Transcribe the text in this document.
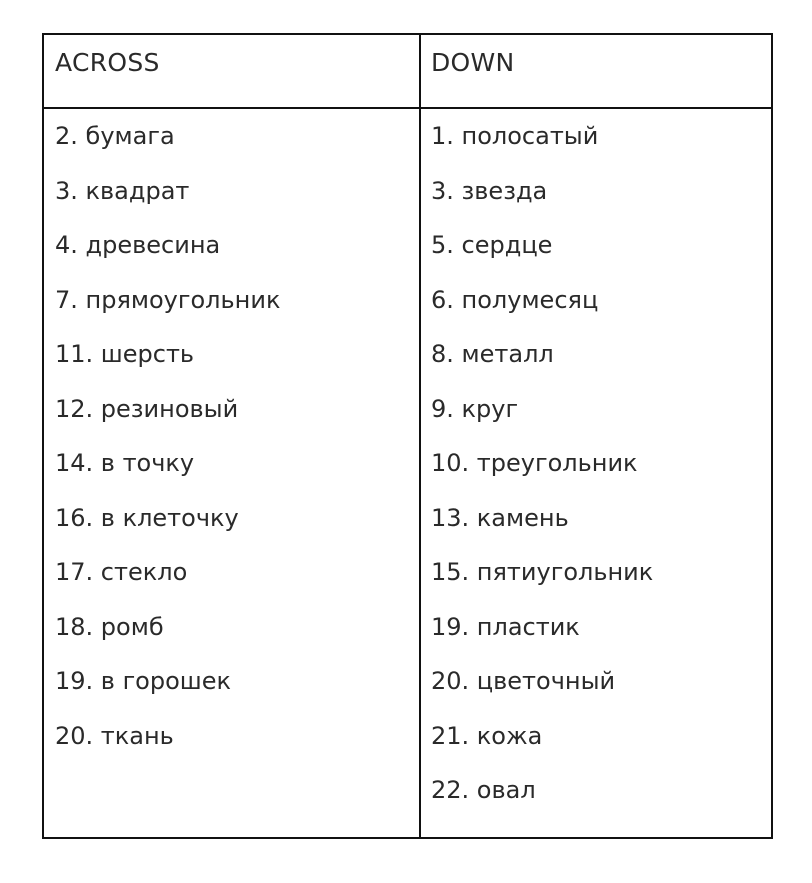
ACROSS	DOWN
2. бумага
3. квадрат
4. древесина
7. прямоугольник
11. шерсть
12. резиновый
14. в точку
16. в клеточку
17. стекло
18. ромб
19. в горошек
20. ткань
1. полосатый
3. звезда
5. сердце
6. полумесяц
8. металл
9. круг
10. треугольник
13. камень
15. пятиугольник
19. пластик
20. цветочный
21. кожа
22. овал
